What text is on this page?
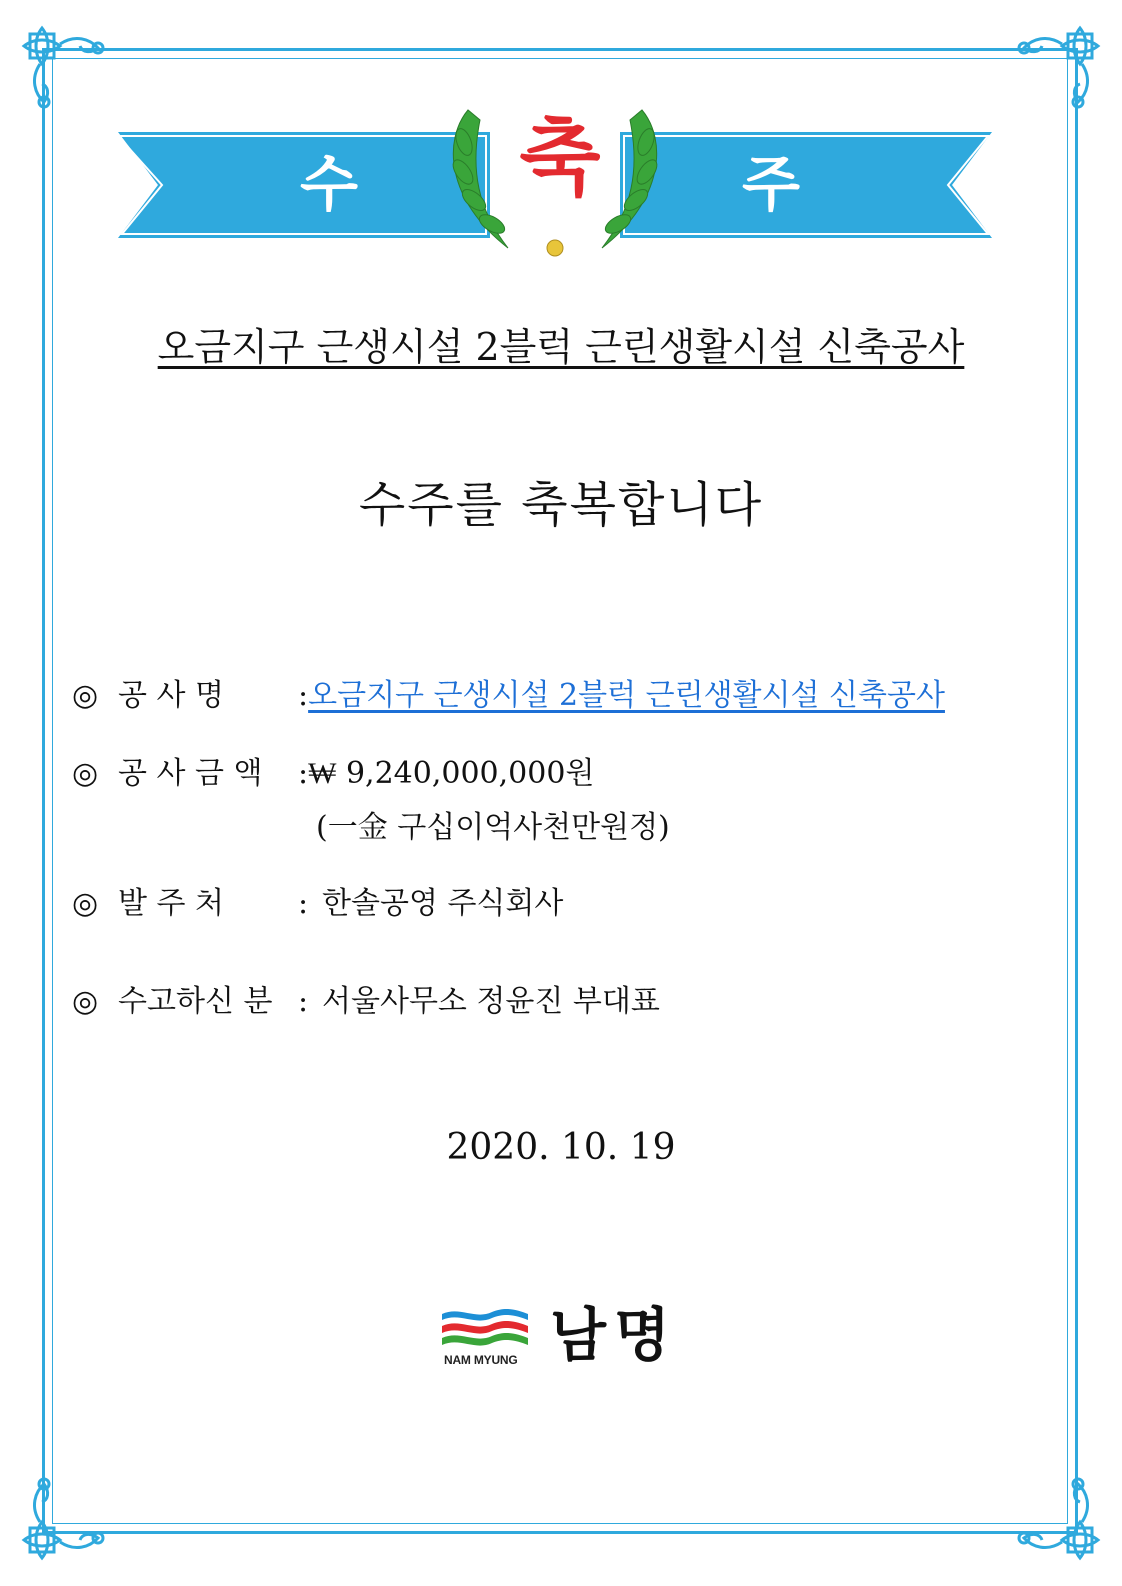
수 축	주
오금지구 근생시설 2블럭 근린생활시설 신축공사
수주를 축복합니다
◎ 공 사 명 :오금지구 근생시설 2블럭 근린생활시설 신축공사
◎ 공 사 금 액 :₩ 9,240,000,000원
(一金 구십이억사천만원정)
◎ 발 주 처 : 한솔공영 주식회사
◎ 수고하신 분 : 서울사무소 정윤진 부대표
2020. 10. 19
NAM MYUNG 남명
